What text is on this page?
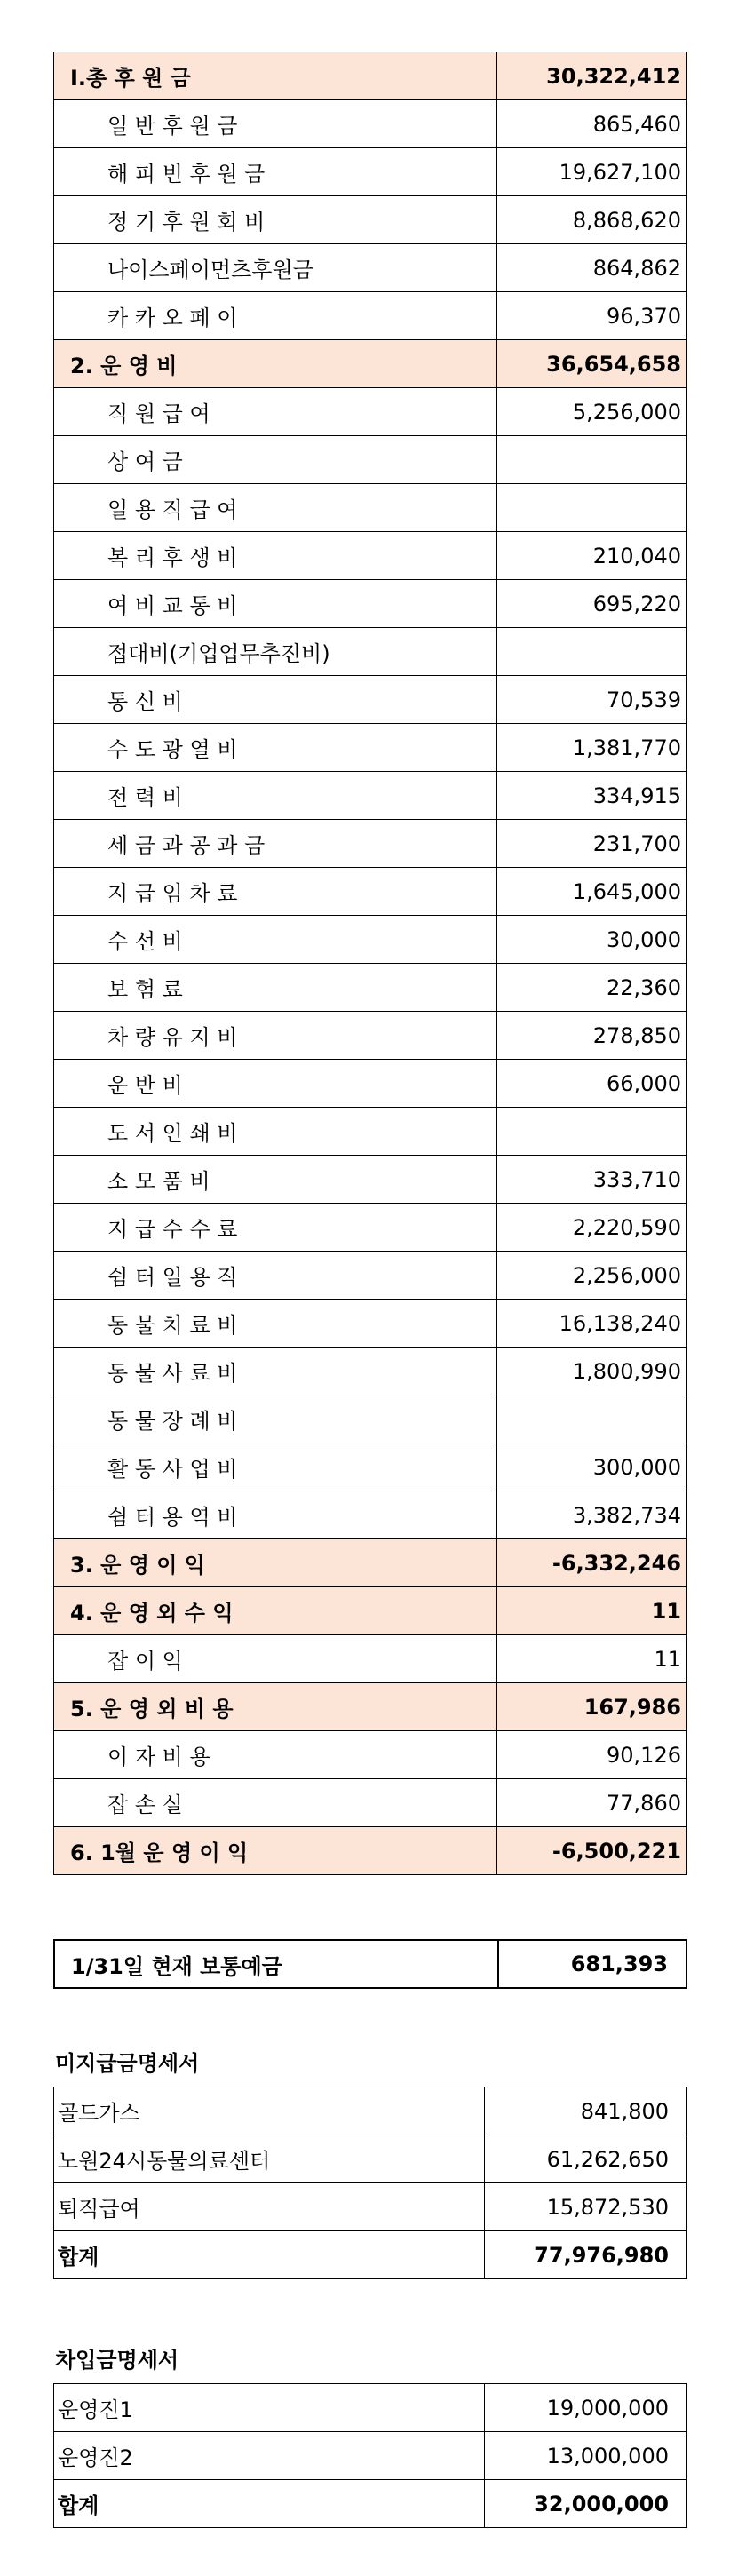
Ⅰ.총 후 원 금	30,322,412
일 반 후 원 금	865,460
해 피 빈 후 원 금	19,627,100
정 기 후 원 회 비	8,868,620
나이스페이먼츠후원금	864,862
카 카 오 페 이	96,370
2. 운 영 비	36,654,658
직 원 급 여	5,256,000
상 여 금	
일 용 직 급 여	
복 리 후 생 비	210,040
여 비 교 통 비	695,220
접대비(기업업무추진비)	
통 신 비	70,539
수 도 광 열 비	1,381,770
전 력 비	334,915
세 금 과 공 과 금	231,700
지 급 임 차 료	1,645,000
수 선 비	30,000
보 험 료	22,360
차 량 유 지 비	278,850
운 반 비	66,000
도 서 인 쇄 비	
소 모 품 비	333,710
지 급 수 수 료	2,220,590
쉼 터 일 용 직	2,256,000
동 물 치 료 비	16,138,240
동 물 사 료 비	1,800,990
동 물 장 례 비	
활 동 사 업 비	300,000
쉼 터 용 역 비	3,382,734
3. 운 영 이 익	-6,332,246
4. 운 영 외 수 익	11
잡 이 익	11
5. 운 영 외 비 용	167,986
이 자 비 용	90,126
잡 손 실	77,860
6. 1월 운 영 이 익	-6,500,221
1/31일 현재 보통예금	681,393

미지급금명세서

골드가스	841,800
노원24시동물의료센터	61,262,650
퇴직급여	15,872,530
합계	77,976,980

차입금명세서

운영진1	19,000,000
운영진2	13,000,000
합계	32,000,000
